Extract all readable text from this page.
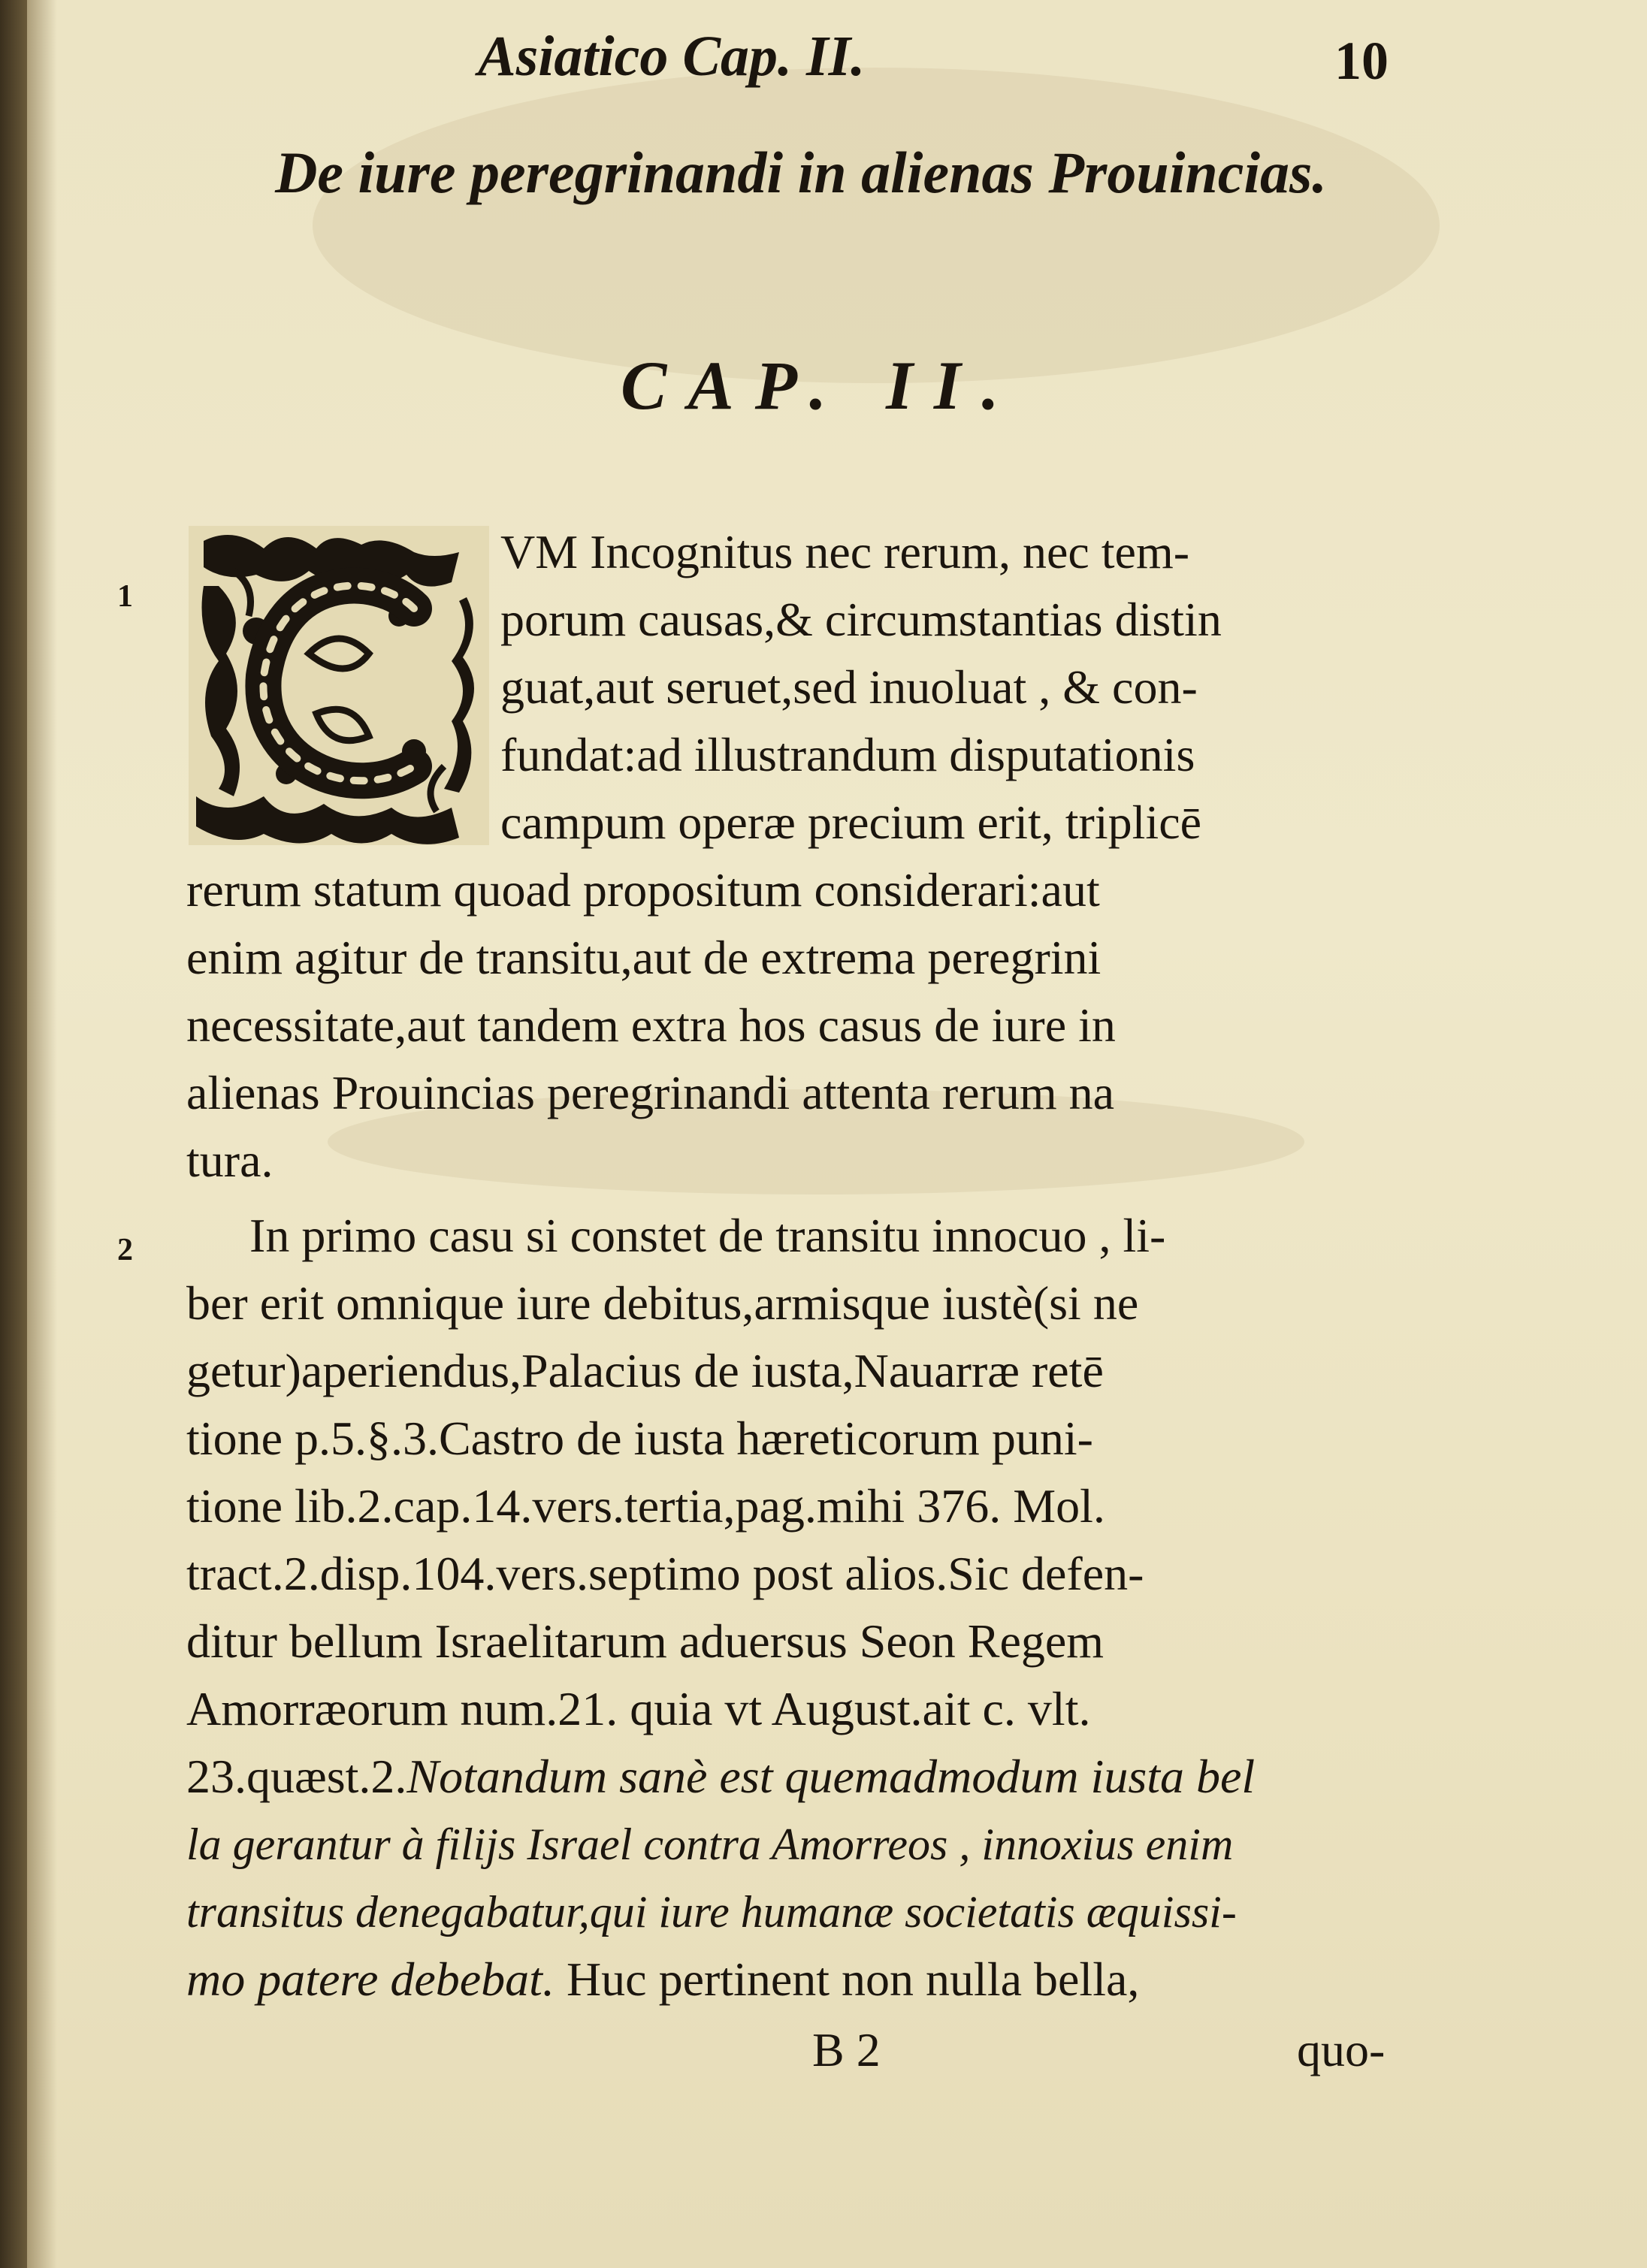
Asiatico Cap. II.	10
De iure peregrinandi in alienas Prouincias.
CAP. II.
1
2
VM Incognitus nec rerum, nec tem-
porum causas,& circumstantias distin
guat,aut seruet,sed inuoluat , & con-
fundat:ad illustrandum disputationis
campum operæ precium erit, triplicē
rerum statum quoad propositum considerari:aut
enim agitur de transitu,aut de extrema peregrini
necessitate,aut tandem extra hos casus de iure in
alienas Prouincias peregrinandi attenta rerum na
tura.
In primo casu si constet de transitu innocuo , li-
ber erit omnique iure debitus,armisque iustè(si ne
getur)aperiendus,Palacius de iusta,Nauarræ retē
tione p.5.§.3.Castro de iusta hæreticorum puni-
tione lib.2.cap.14.vers.tertia,pag.mihi 376. Mol.
tract.2.disp.104.vers.septimo post alios.Sic defen-
ditur bellum Israelitarum aduersus Seon Regem
Amorræorum num.21. quia vt August.ait c. vlt.
23.quæst.2.Notandum sanè est quemadmodum iusta bel
la gerantur à filijs Israel contra Amorreos , innoxius enim
transitus denegabatur,qui iure humanæ societatis æquissi-
mo patere debebat. Huc pertinent non nulla bella,
B 2	quo-
